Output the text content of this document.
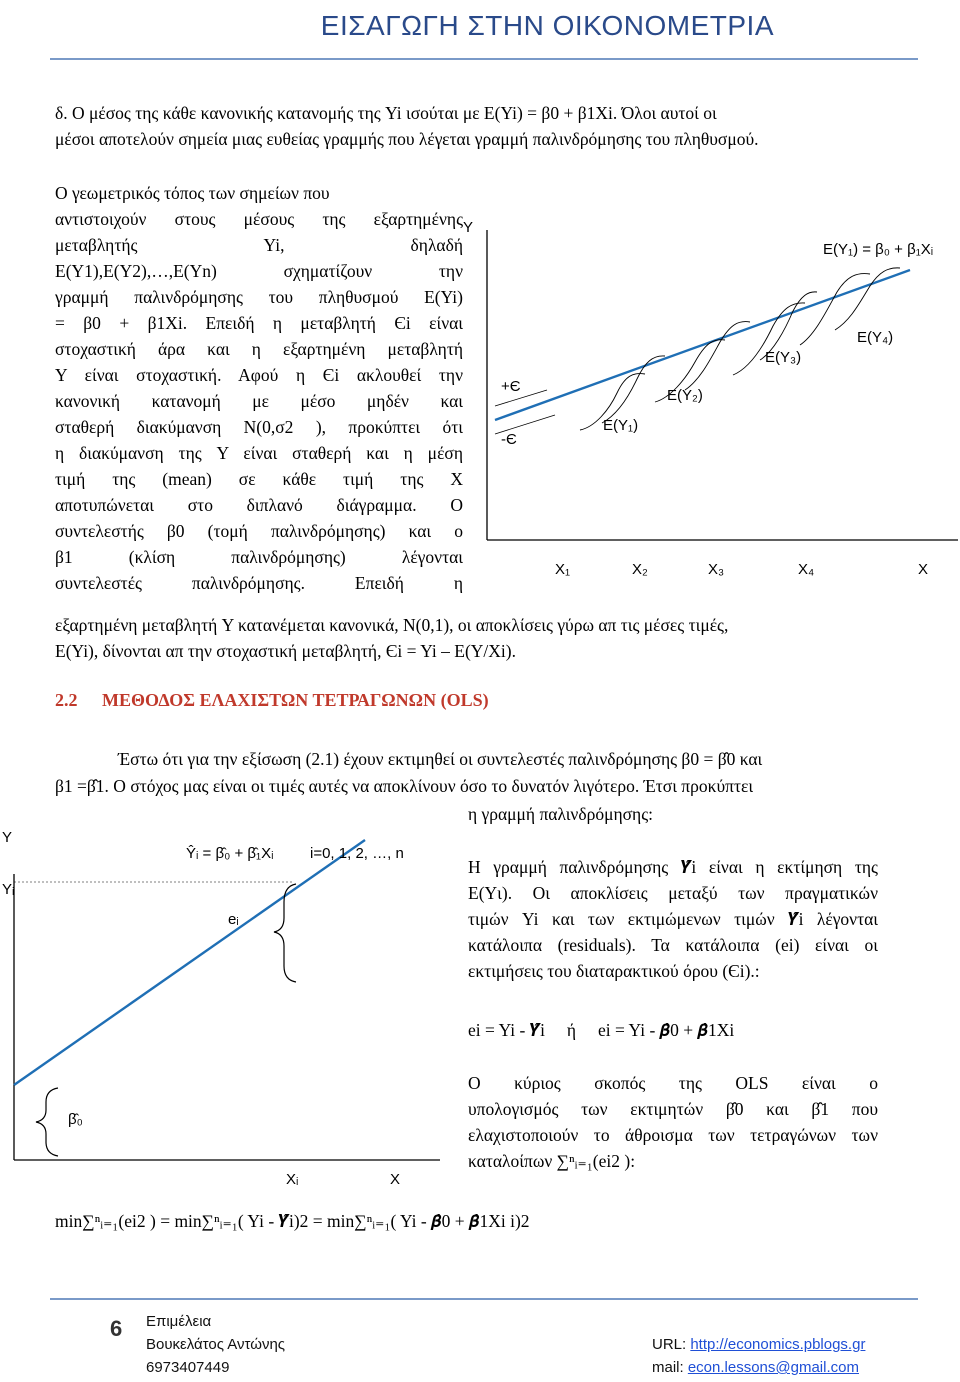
ΕΙΣΑΓΩΓΗ ΣΤΗΝ ΟΙΚΟΝΟΜΕΤΡΙΑ
δ. Ο μέσος της κάθε κανονικής κατανομής της Yi ισούται με E(Yi) = β0 + β1Xi. Όλοι αυτοί οι
μέσοι αποτελούν σημεία μιας ευθείας γραμμής που λέγεται γραμμή παλινδρόμησης του πληθυσμού.
Ο γεωμετρικός τόπος των σημείων που
αντιστοιχούν στους μέσους της εξαρτημένης
μεταβλητής Yi, δηλαδή
E(Y1),E(Y2),…,E(Yn) σχηματίζουν την
γραμμή παλινδρόμησης του πληθυσμού E(Yi)
= β0 + β1Xi. Επειδή η μεταβλητή Єi είναι
στοχαστική άρα και η εξαρτημένη μεταβλητή
Y είναι στοχαστική. Αφού η Єi ακλουθεί την
κανονική κατανομή με μέσο μηδέν και
σταθερή διακύμανση N(0,σ2 ), προκύπτει ότι
η διακύμανση της Y είναι σταθερή και η μέση
τιμή της (mean) σε κάθε τιμή της X
αποτυπώνεται στο διπλανό διάγραμμα. Ο
συντελεστής β0 (τομή παλινδρόμησης) και ο
β1 (κλίση παλινδρόμησης) λέγονται
συντελεστές παλινδρόμησης. Επειδή η
εξαρτημένη μεταβλητή Y κατανέμεται κανονικά, N(0,1), οι αποκλίσεις γύρω απ τις μέσες τιμές,
E(Yi), δίνονται απ την στοχαστική μεταβλητή, Єi = Yi – E(Y/Xi).
Y
E(Y₁) = β₀ + β₁Xᵢ
+Є
-Є
E(Y₁)
E(Y₂)
E(Y₃)
E(Y₄)
X₁	X₂	X₃	X₄	X
2.2 ΜΕΘΟΔΟΣ ΕΛΑΧΙΣΤΩΝ ΤΕΤΡΑΓΩΝΩΝ (OLS)
Έστω ότι για την εξίσωση (2.1) έχουν εκτιμηθεί οι συντελεστές παλινδρόμησης β0 = β̂0 και
β1 =β̂1. Ο στόχος μας είναι οι τιμές αυτές να αποκλίνουν όσο το δυνατόν λιγότερο. Έτσι προκύπτει
η γραμμή παλινδρόμησης:
Y
Yᵢ
Ŷᵢ = β̂₀ + β̂₁Xᵢ i=0, 1, 2, …, n
eᵢ
β̂₀
Xᵢ	X
Η γραμμή παλινδρόμησης 𝒀̂i είναι η εκτίμηση της
E(Yι). Οι αποκλίσεις μεταξύ των πραγματικών
τιμών Yi και των εκτιμώμενων τιμών 𝒀̂i λέγονται
κατάλοιπα (residuals). Τα κατάλοιπα (ei) είναι οι
εκτιμήσεις του διαταρακτικού όρου (Єi).:
ei = Yi - 𝒀̂i     ή     ei = Yi - 𝜷̂0 + 𝜷̂1Xi
Ο κύριος σκοπός της OLS είναι ο
υπολογισμός των εκτιμητών β̂0 και β̂1 που
ελαχιστοποιούν το άθροισμα των τετραγώνων των
καταλοίπων ∑ⁿᵢ₌₁(ei2 ):
min∑ⁿᵢ₌₁(ei2 ) = min∑ⁿᵢ₌₁( Yi - 𝒀̂i)2 = min∑ⁿᵢ₌₁( Yi - 𝜷̂0 + 𝜷̂1Xi i)2
6 Επιμέλεια
Βουκελάτος Αντώνης
6973407449
URL: http://economics.pblogs.gr
mail: econ.lessons@gmail.com
